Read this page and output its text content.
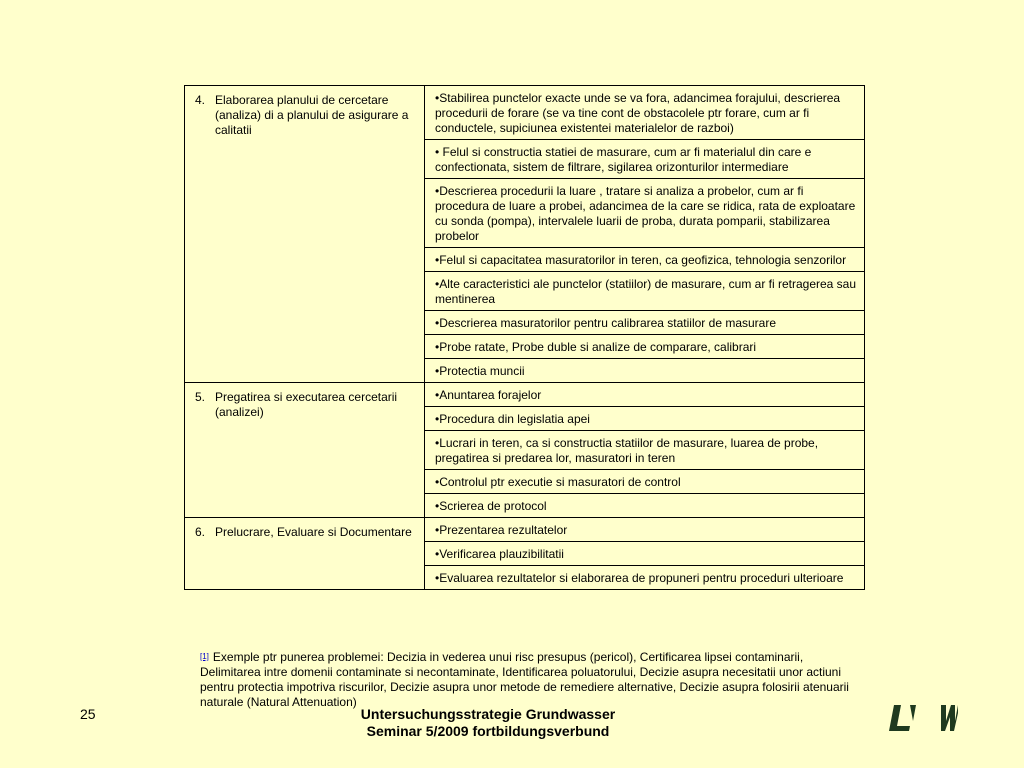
4. Elaborarea planului de cercetare (analiza) di a planului de asigurare a calitatii	•Stabilirea punctelor exacte unde se va fora, adancimea forajului, descrierea procedurii de forare (se va tine cont de obstacolele ptr forare, cum ar fi conductele, supiciunea existentei materialelor de razboi)
	• Felul si constructia statiei de masurare, cum ar fi materialul din care e confectionata, sistem de filtrare, sigilarea orizonturilor intermediare
	•Descrierea procedurii la luare , tratare si analiza a probelor, cum ar fi procedura de luare a probei, adancimea de la care se ridica, rata de exploatare cu sonda (pompa), intervalele luarii de proba, durata pomparii, stabilizarea probelor
	•Felul si capacitatea masuratorilor in teren, ca geofizica, tehnologia senzorilor
	•Alte caracteristici ale punctelor (statiilor) de masurare, cum ar fi retragerea sau mentinerea
	•Descrierea masuratorilor pentru calibrarea statiilor de masurare
	•Probe ratate, Probe duble si analize de comparare, calibrari
	•Protectia muncii

5. Pregatirea si executarea cercetarii (analizei)	•Anuntarea forajelor
	•Procedura din legislatia apei
	•Lucrari in teren, ca si constructia statiilor de masurare, luarea de probe, pregatirea si predarea lor, masuratori in teren
	•Controlul ptr executie si masuratori de control
	•Scrierea de protocol

6. Prelucrare, Evaluare si Documentare	•Prezentarea rezultatelor
	•Verificarea plauzibilitatii
	•Evaluarea rezultatelor si elaborarea de propuneri pentru proceduri ulterioare
[1] Exemple ptr punerea problemei: Decizia in vederea unui risc presupus (pericol), Certificarea lipsei contaminarii, Delimitarea intre domenii contaminate si necontaminate, Identificarea poluatorului, Decizie asupra necesitatii unor actiuni pentru protectia impotriva riscurilor, Decizie asupra unor metode de remediere alternative, Decizie asupra folosirii atenuarii naturale (Natural Attenuation)
25	Untersuchungsstrategie Grundwasser
Seminar 5/2009 fortbildungsverbund
